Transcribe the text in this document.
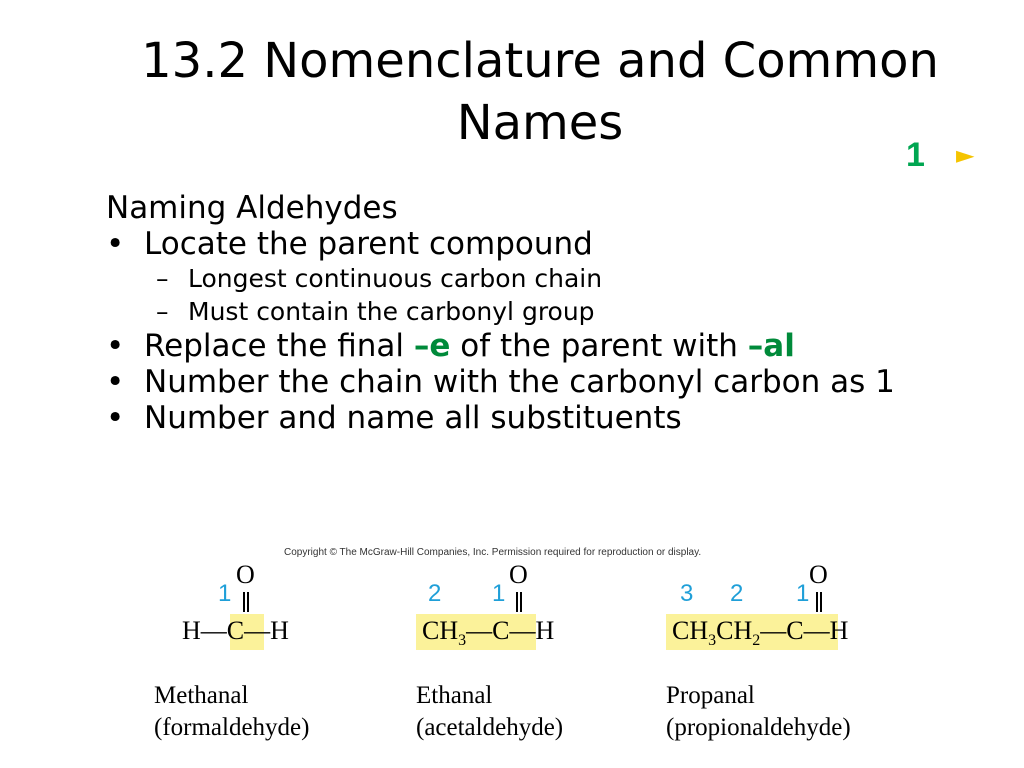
13.2 Nomenclature and Common Names
1 ►
Naming Aldehydes
• Locate the parent compound
– Longest continuous carbon chain
– Must contain the carbonyl group
• Replace the final –e of the parent with –al
• Number the chain with the carbonyl carbon as 1
• Number and name all substituents
Copyright © The McGraw-Hill Companies, Inc. Permission required for reproduction or display.
1
O
H—C—H
Methanal
(formaldehyde)
2 1
O
$CH_3—C—H$
Ethanal
(acetaldehyde)
3 2 1
O
$CH_3CH_2—C—H$
Propanal
(propionaldehyde)
